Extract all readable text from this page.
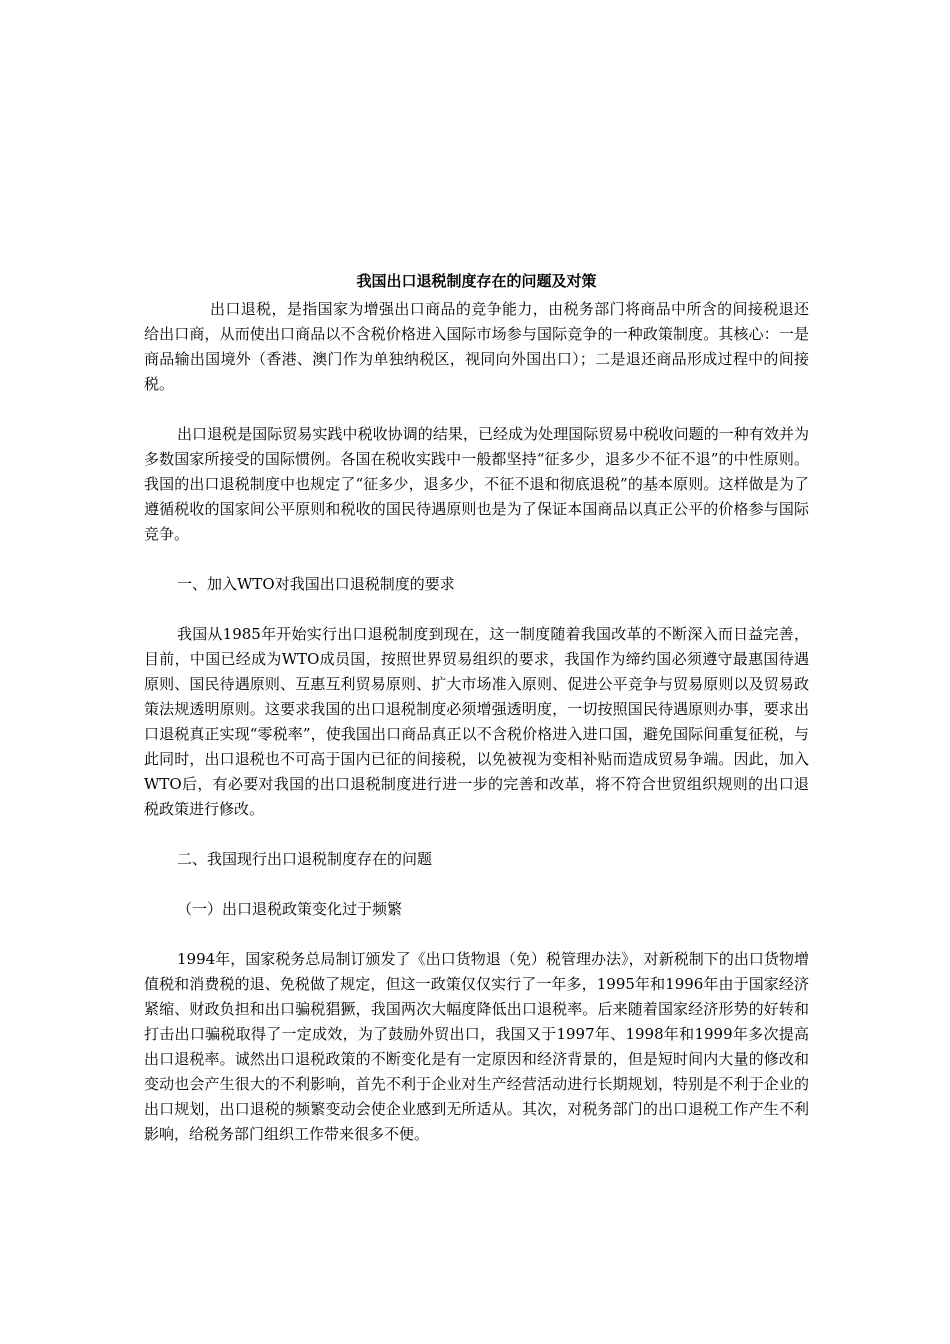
我国出口退税制度存在的问题及对策

出口退税，是指国家为增强出口商品的竞争能力，由税务部门将商品中所含的间接税退还给出口商，从而使出口商品以不含税价格进入国际市场参与国际竞争的一种政策制度。其核心：一是商品输出国境外（香港、澳门作为单独纳税区，视同向外国出口）；二是退还商品形成过程中的间接税。

出口退税是国际贸易实践中税收协调的结果，已经成为处理国际贸易中税收问题的一种有效并为多数国家所接受的国际惯例。各国在税收实践中一般都坚持“征多少，退多少不征不退”的中性原则。我国的出口退税制度中也规定了“征多少，退多少，不征不退和彻底退税”的基本原则。这样做是为了遵循税收的国家间公平原则和税收的国民待遇原则也是为了保证本国商品以真正公平的价格参与国际竞争。

一、加入WTO对我国出口退税制度的要求

我国从1985年开始实行出口退税制度到现在，这一制度随着我国改革的不断深入而日益完善，目前，中国已经成为WTO成员国，按照世界贸易组织的要求，我国作为缔约国必须遵守最惠国待遇原则、国民待遇原则、互惠互利贸易原则、扩大市场准入原则、促进公平竞争与贸易原则以及贸易政策法规透明原则。这要求我国的出口退税制度必须增强透明度，一切按照国民待遇原则办事，要求出口退税真正实现“零税率”，使我国出口商品真正以不含税价格进入进口国，避免国际间重复征税，与此同时，出口退税也不可高于国内已征的间接税，以免被视为变相补贴而造成贸易争端。因此，加入WTO后，有必要对我国的出口退税制度进行进一步的完善和改革，将不符合世贸组织规则的出口退税政策进行修改。

二、我国现行出口退税制度存在的问题

（一）出口退税政策变化过于频繁

1994年，国家税务总局制订颁发了《出口货物退（免）税管理办法》，对新税制下的出口货物增值税和消费税的退、免税做了规定，但这一政策仅仅实行了一年多，1995年和1996年由于国家经济紧缩、财政负担和出口骗税猖獗，我国两次大幅度降低出口退税率。后来随着国家经济形势的好转和打击出口骗税取得了一定成效，为了鼓励外贸出口，我国又于1997年、1998年和1999年多次提高出口退税率。诚然出口退税政策的不断变化是有一定原因和经济背景的，但是短时间内大量的修改和变动也会产生很大的不利影响，首先不利于企业对生产经营活动进行长期规划，特别是不利于企业的出口规划，出口退税的频繁变动会使企业感到无所适从。其次，对税务部门的出口退税工作产生不利影响，给税务部门组织工作带来很多不便。
